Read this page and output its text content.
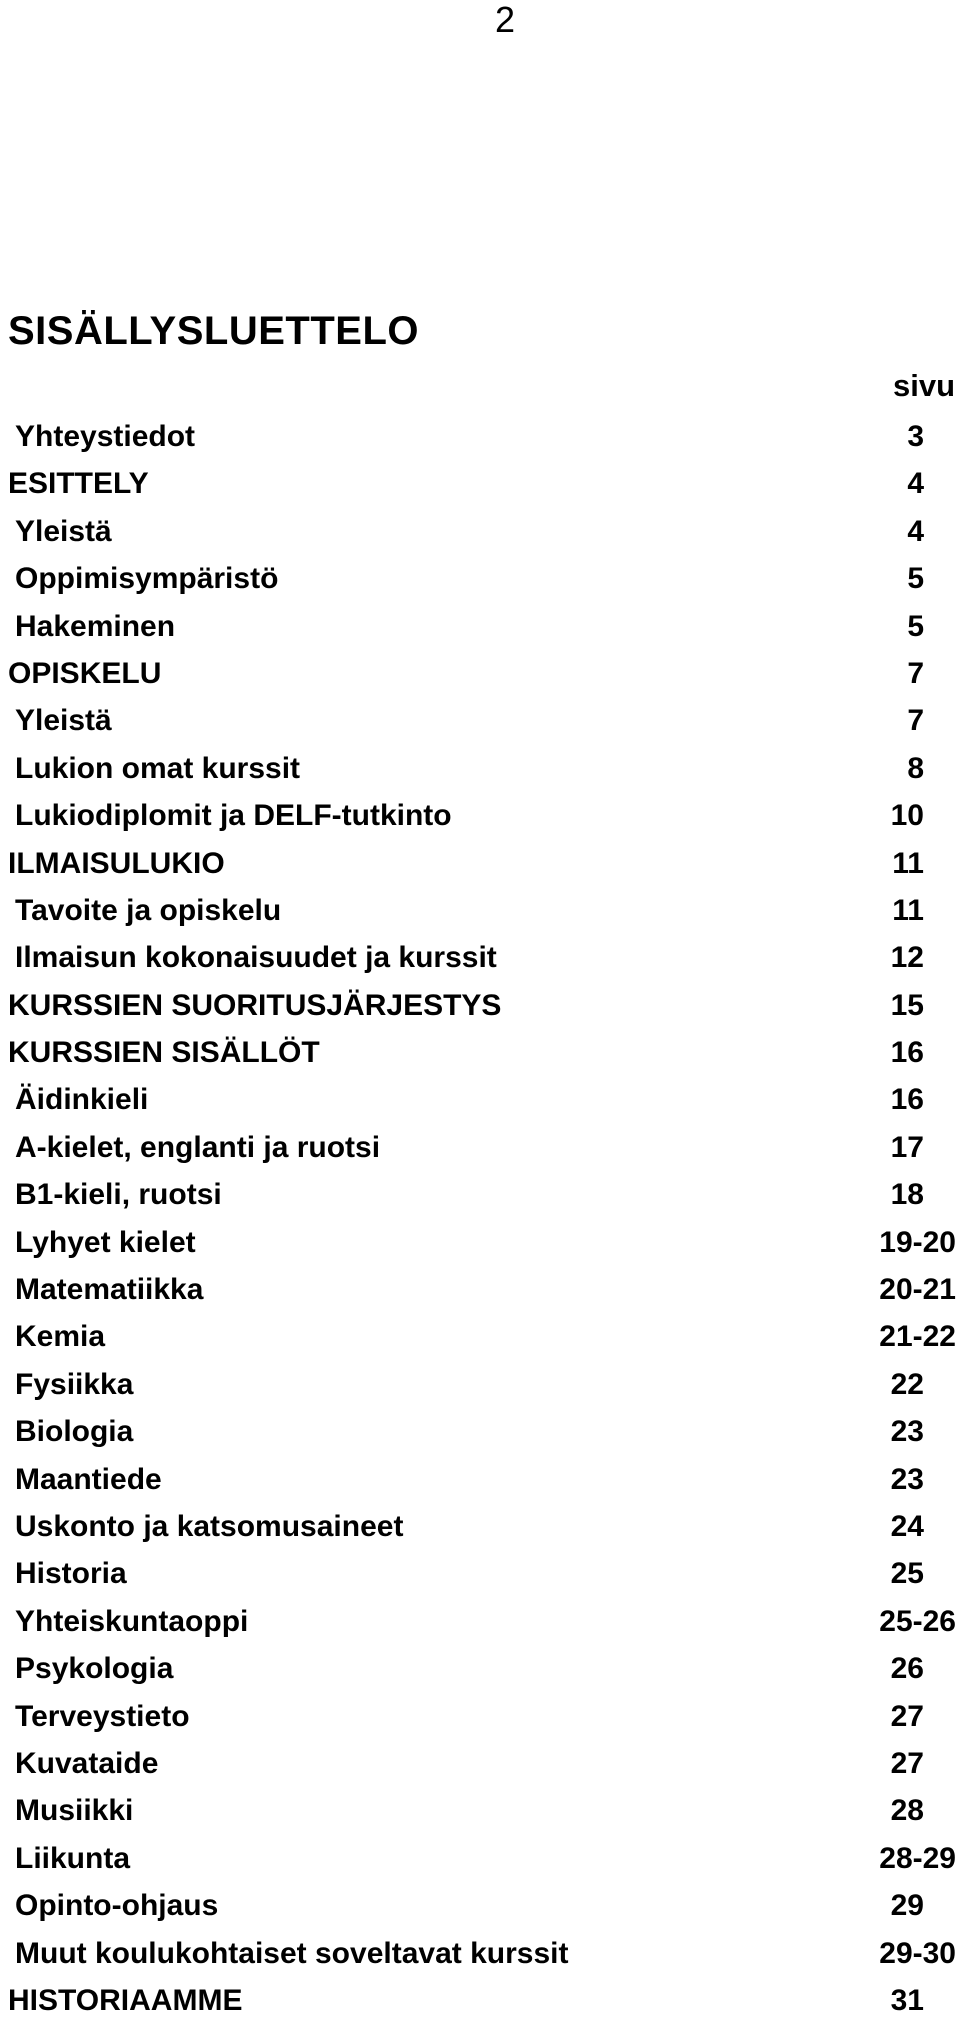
2
SISÄLLYSLUETTELO
sivu
Yhteystiedot	3
ESITTELY	4
Yleistä	4
Oppimisympäristö	5
Hakeminen	5
OPISKELU	7
Yleistä	7
Lukion omat kurssit	8
Lukiodiplomit ja DELF-tutkinto	10
ILMAISULUKIO	11
Tavoite ja opiskelu	11
Ilmaisun kokonaisuudet ja kurssit	12
KURSSIEN SUORITUSJÄRJESTYS	15
KURSSIEN SISÄLLÖT	16
Äidinkieli	16
A-kielet, englanti ja ruotsi	17
B1-kieli, ruotsi	18
Lyhyet kielet	19-20
Matematiikka	20-21
Kemia	21-22
Fysiikka	22
Biologia	23
Maantiede	23
Uskonto ja katsomusaineet	24
Historia	25
Yhteiskuntaoppi	25-26
Psykologia	26
Terveystieto	27
Kuvataide	27
Musiikki	28
Liikunta	28-29
Opinto-ohjaus	29
Muut koulukohtaiset soveltavat kurssit	29-30
HISTORIAAMME	31
